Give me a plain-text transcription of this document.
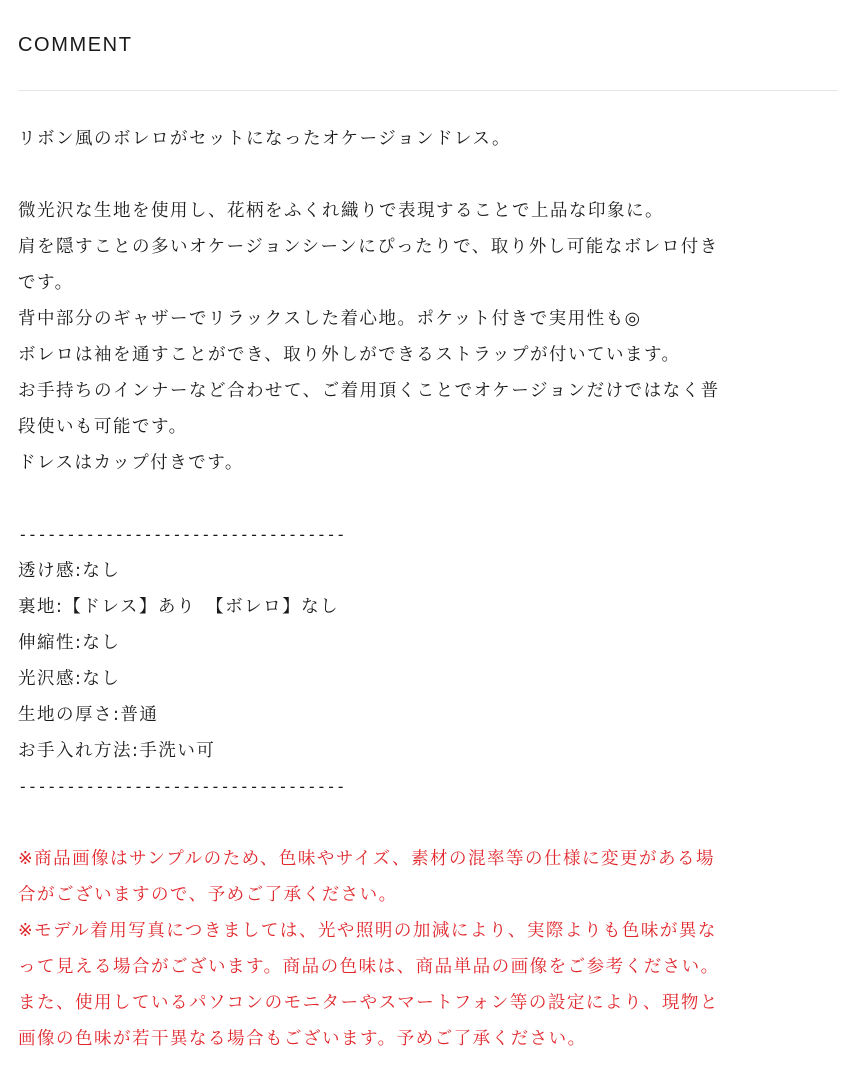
COMMENT
リボン風のボレロがセットになったオケージョンドレス。
微光沢な生地を使用し、花柄をふくれ織りで表現することで上品な印象に。
肩を隠すことの多いオケージョンシーンにぴったりで、取り外し可能なボレロ付き
です。
背中部分のギャザーでリラックスした着心地。ポケット付きで実用性も◎
ボレロは袖を通すことができ、取り外しができるストラップが付いています。
お手持ちのインナーなど合わせて、ご着用頂くことでオケージョンだけではなく普
段使いも可能です。
ドレスはカップ付きです。
----------------------------------
透け感:なし
裏地:【ドレス】あり　【ボレロ】なし
伸縮性:なし
光沢感:なし
生地の厚さ:普通
お手入れ方法:手洗い可
----------------------------------
※商品画像はサンプルのため、色味やサイズ、素材の混率等の仕様に変更がある場
合がございますので、予めご了承ください。
※モデル着用写真につきましては、光や照明の加減により、実際よりも色味が異な
って見える場合がございます。商品の色味は、商品単品の画像をご参考ください。
また、使用しているパソコンのモニターやスマートフォン等の設定により、現物と
画像の色味が若干異なる場合もございます。予めご了承ください。
